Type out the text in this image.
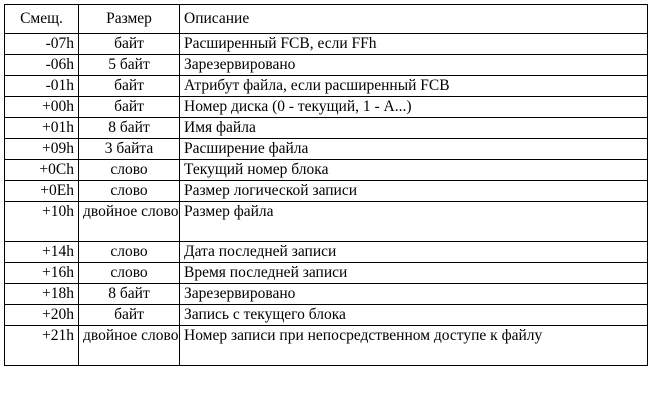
Смещ.	Размер	Описание
-07h	байт	Расширенный FCB, если FFh
-06h	5 байт	Зарезервировано
-01h	байт	Атрибут файла, если расширенный FCB
+00h	байт	Номер диска (0 - текущий, 1 - A...)
+01h	8 байт	Имя файла
+09h	3 байта	Расширение файла
+0Ch	слово	Текущий номер блока
+0Eh	слово	Размер логической записи
+10h	двойное слово	Размер файла
+14h	слово	Дата последней записи
+16h	слово	Время последней записи
+18h	8 байт	Зарезервировано
+20h	байт	Запись с текущего блока
+21h	двойное слово	Номер записи при непосредственном доступе к файлу
